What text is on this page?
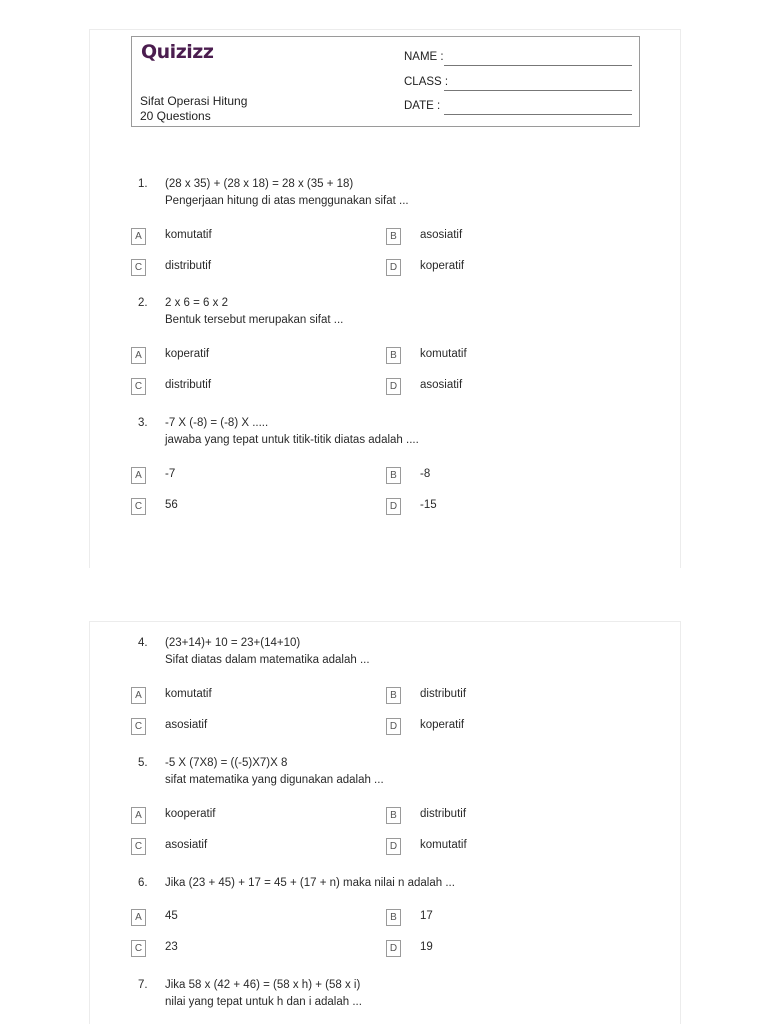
Quizizz
Sifat Operasi Hitung
20 Questions
NAME :
CLASS :
DATE :
1. (28 x 35) + (28 x 18) = 28 x (35 + 18)
Pengerjaan hitung di atas menggunakan sifat ...
A	komutatif	B	asosiatif
C	distributif	D	koperatif
2. 2 x 6 = 6 x 2
Bentuk tersebut merupakan sifat ...
A	koperatif	B	komutatif
C	distributif	D	asosiatif
3. -7 X (-8) = (-8) X .....
jawaba yang tepat untuk titik-titik diatas adalah ....
A	-7	B	-8
C	56	D	-15
4. (23+14)+ 10 = 23+(14+10)
Sifat diatas dalam matematika adalah ...
A	komutatif	B	distributif
C	asosiatif	D	koperatif
5. -5 X (7X8) = ((-5)X7)X 8
sifat matematika yang digunakan adalah ...
A	kooperatif	B	distributif
C	asosiatif	D	komutatif
6. Jika (23 + 45) + 17 = 45 + (17 + n) maka nilai n adalah ...
A	45	B	17
C	23	D	19
7. Jika 58 x (42 + 46) = (58 x h) + (58 x i)
nilai yang tepat untuk h dan i adalah ...
